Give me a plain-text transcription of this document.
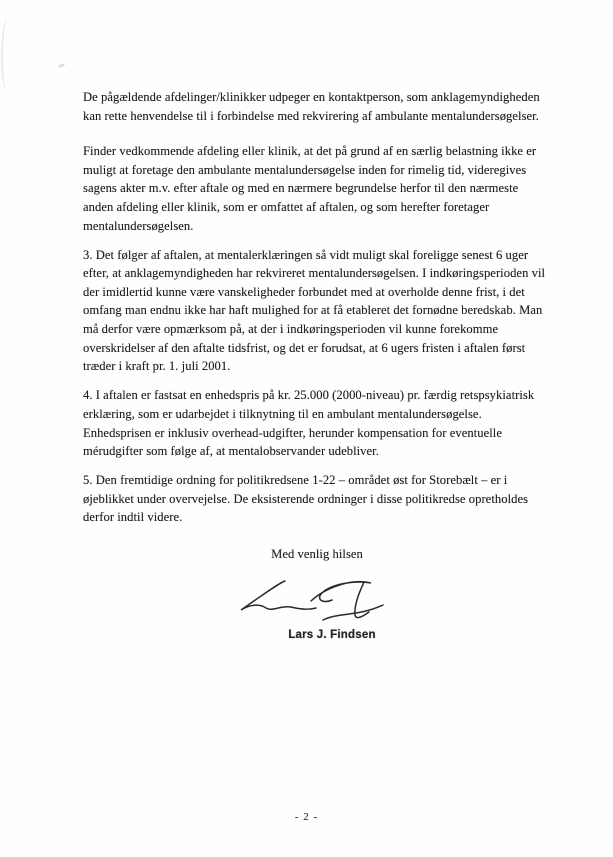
De pågældende afdelinger/klinikker udpeger en kontaktperson, som anklagemyndigheden kan rette henvendelse til i forbindelse med rekvirering af ambulante mentalundersøgelser.

Finder vedkommende afdeling eller klinik, at det på grund af en særlig belastning ikke er muligt at foretage den ambulante mentalundersøgelse inden for rimelig tid, videregives sagens akter m.v. efter aftale og med en nærmere begrundelse herfor til den nærmeste anden afdeling eller klinik, som er omfattet af aftalen, og som herefter foretager mentalundersøgelsen.

3. Det følger af aftalen, at mentalerklæringen så vidt muligt skal foreligge senest 6 uger efter, at anklagemyndigheden har rekvireret mentalundersøgelsen. I indkøringsperioden vil der imidlertid kunne være vanskeligheder forbundet med at overholde denne frist, i det omfang man endnu ikke har haft mulighed for at få etableret det fornødne beredskab. Man må derfor være opmærksom på, at der i indkøringsperioden vil kunne forekomme overskridelser af den aftalte tidsfrist, og det er forudsat, at 6 ugers fristen i aftalen først træder i kraft pr. 1. juli 2001.

4. I aftalen er fastsat en enhedspris på kr. 25.000 (2000-niveau) pr. færdig retspsykiatrisk erklæring, som er udarbejdet i tilknytning til en ambulant mentalundersøgelse. Enhedsprisen er inklusiv overhead-udgifter, herunder kompensation for eventuelle mérudgifter som følge af, at mentalobservander udebliver.

5. Den fremtidige ordning for politikredsene 1-22 – området øst for Storebælt – er i øjeblikket under overvejelse. De eksisterende ordninger i disse politikredse opretholdes derfor indtil videre.

Med venlig hilsen

Lars J. Findsen
- 2 -
